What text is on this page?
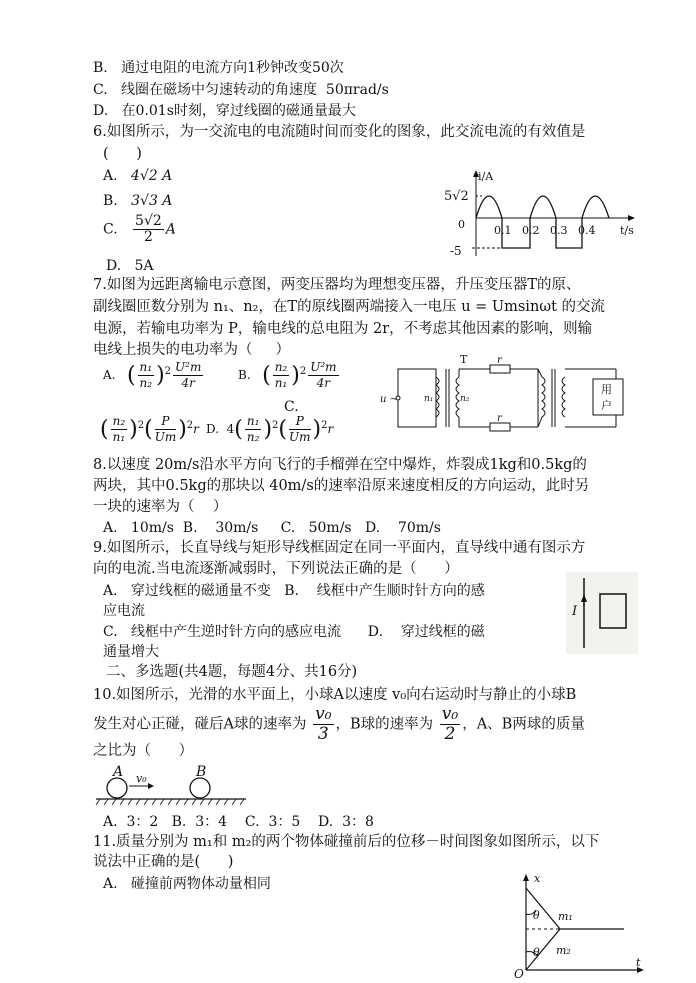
B.   通过电阻的电流方向1秒钟改变50次
C.   线圈在磁场中匀速转动的角速度  50πrad/s
D.   在0.01s时刻，穿过线圈的磁通量最大
6.如图所示，为一交流电的电流随时间而变化的图象，此交流电流的有效值是
(      )
A. 4√2 A
B. 3√3 A
C. $\frac{5√2}{2}$ A
D.   5A
i/A
5√2
0
-5
0.1 0.2 0.3 0.4 t/s
7.如图为远距离输电示意图，两变压器均为理想变压器，升压变压器T的原、
副线圈匝数分别为 n₁、n₂，在T的原线圈两端接入一电压 u = Umsinωt 的交流
电源，若输电功率为 P，输电线的总电阻为 2r，不考虑其他因素的影响，则输
电线上损失的电功率为（     ）
A. ( $\frac{\text{n₁}}{\text{n₂}} )^2 \frac{\text{U²m}}{4r}$	B. ( $\frac{\text{n₂}}{\text{n₁}} )^2 \frac{\text{U²m}}{4r}$
C.
( $\frac{\text{n₂}}{\text{n₁}} )^2( \frac{P}{Um} )^2r$ D. $4( \frac{\text{n₁}}{\text{n₂}} )^2( \frac{P}{Um} )^2r$
T
u ~	n₁	n₂
r
r
用
户
8.以速度 20m/s沿水平方向飞行的手榴弹在空中爆炸，炸裂成1kg和0.5kg的
两块，其中0.5kg的那块以 40m/s的速率沿原来速度相反的方向运动，此时另
一块的速率为（    ）
A.   10m/s  B.    30m/s     C.   50m/s   D.    70m/s
9.如图所示，长直导线与矩形导线框固定在同一平面内，直导线中通有图示方
向的电流.当电流逐渐减弱时，下列说法正确的是（      ）
A.   穿过线框的磁通量不变   B.    线框中产生顺时针方向的感
应电流
C.   线框中产生逆时针方向的感应电流      D.    穿过线框的磁
通量增大
I
二、多选题(共4题，每题4分、共16分)
10.如图所示，光滑的水平面上，小球A以速度 v₀向右运动时与静止的小球B
发生对心正碰，碰后A球的速率为 $\frac{\text{v₀}}{3}$ ，B球的速率为 $\frac{\text{v₀}}{2}$ ，A、B两球的质量
之比为（      ）
A	B
v₀
A.  3：2   B.  3：4    C.  3：5    D.  3：8
11.质量分别为 m₁和 m₂的两个物体碰撞前后的位移－时间图象如图所示，以下
说法中正确的是(      )
A.   碰撞前两物体动量相同	x
t
O
θ
θ
m₁
m₂
